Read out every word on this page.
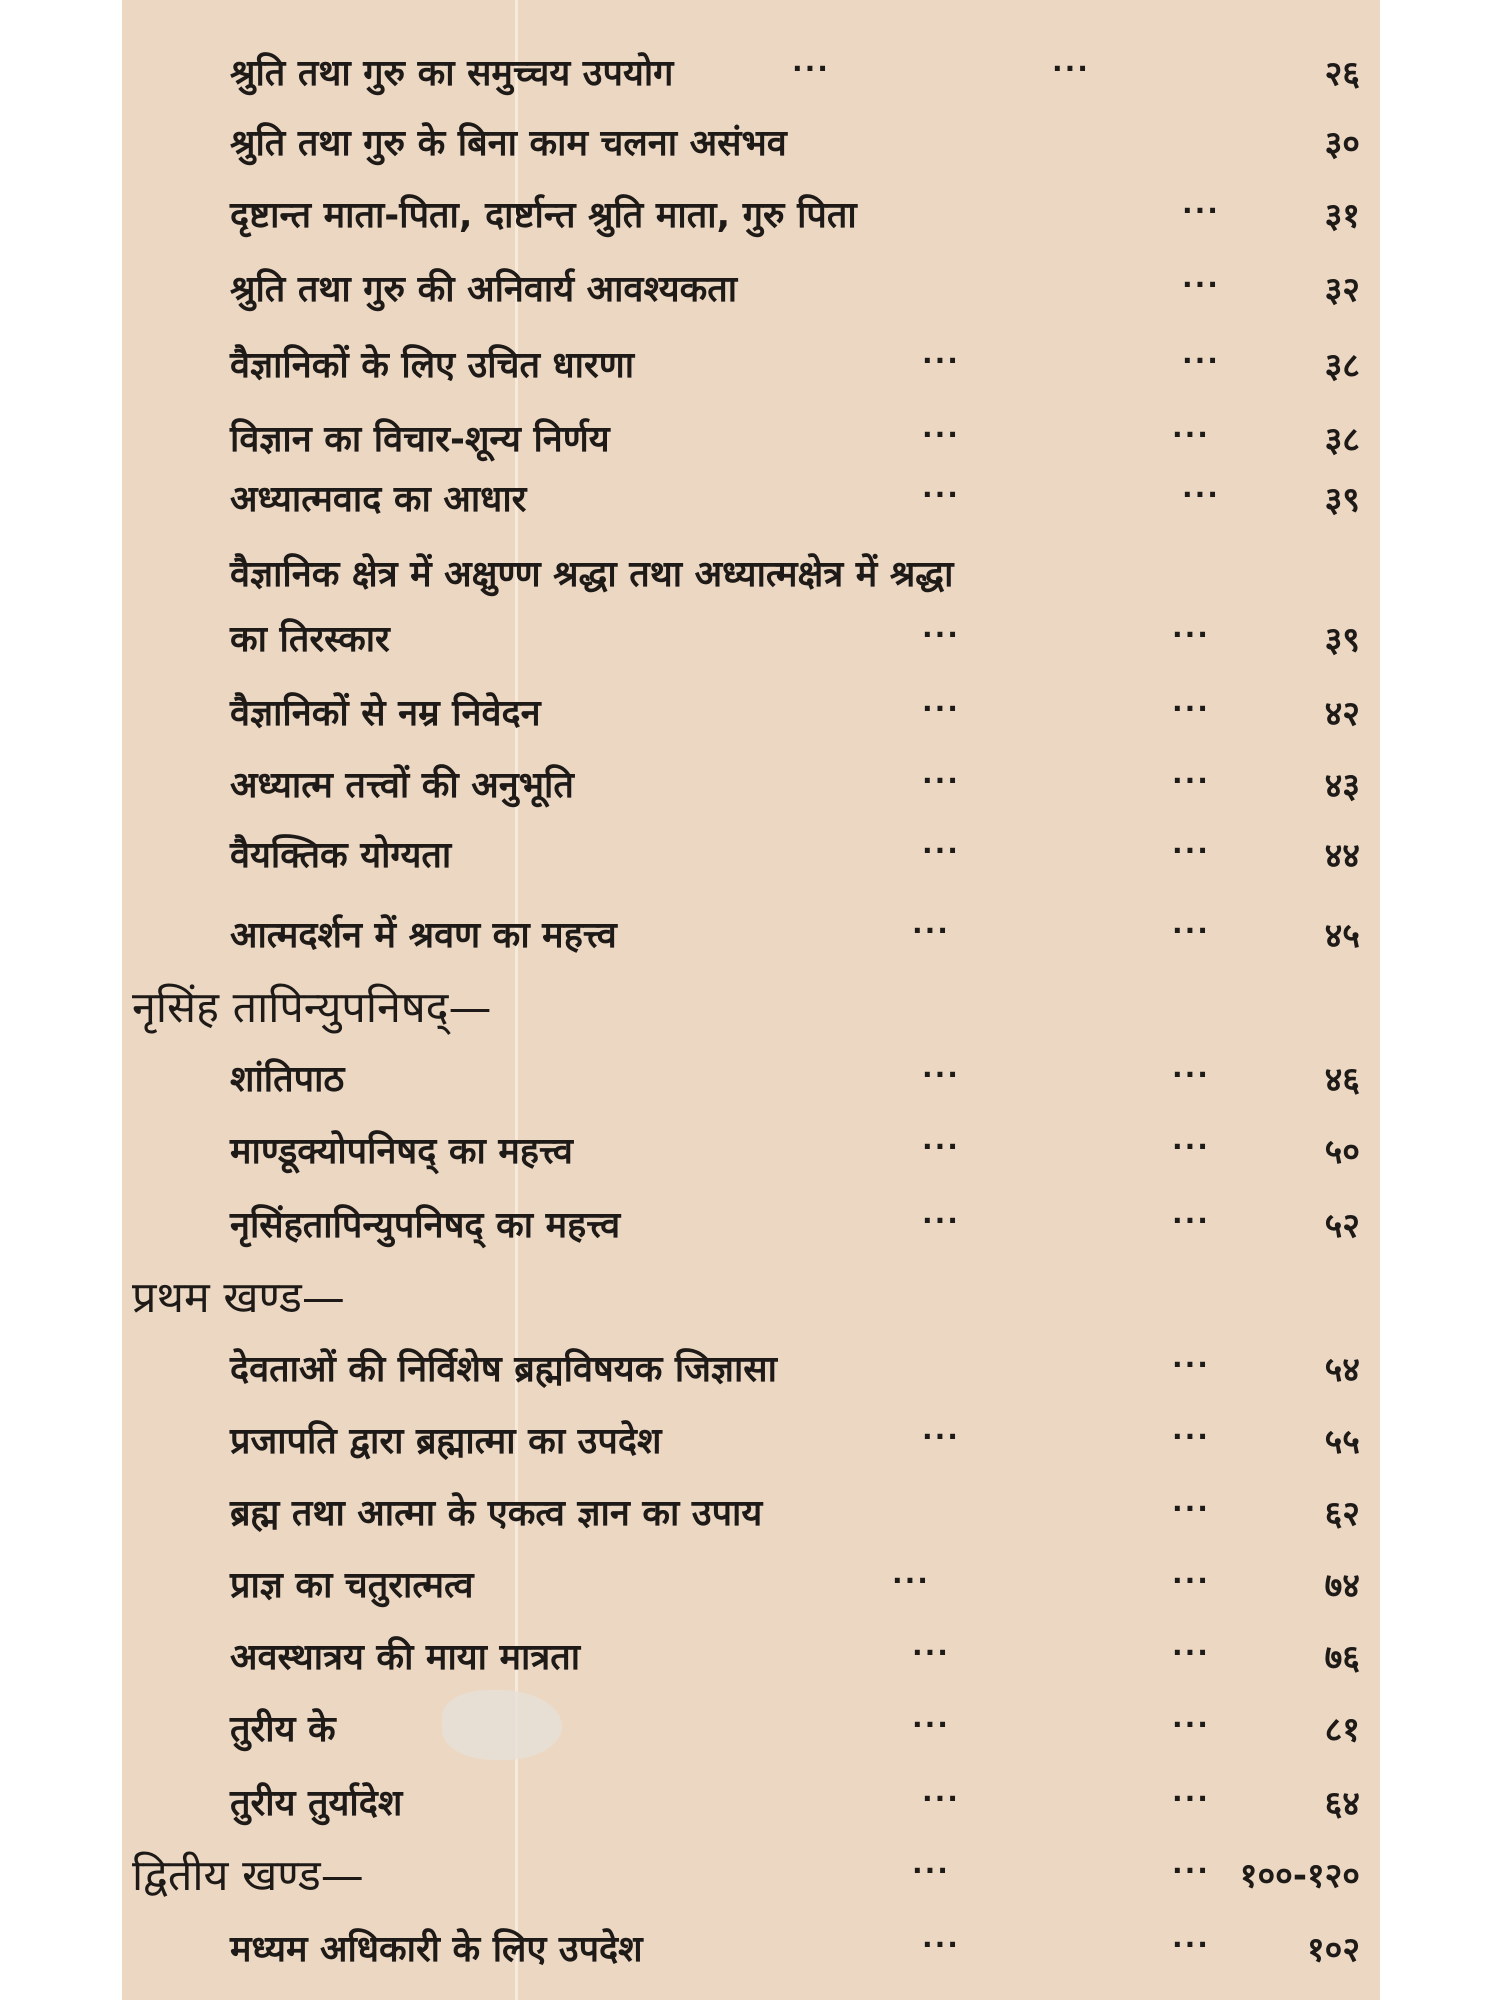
श्रुति तथा गुरु का समुच्चय उपयोग	···	···	२६
श्रुति तथा गुरु के बिना काम चलना असंभव	३०
दृष्टान्त माता-पिता, दार्ष्टान्त श्रुति माता, गुरु पिता	···	३१
श्रुति तथा गुरु की अनिवार्य आवश्यकता	···	३२
वैज्ञानिकों के लिए उचित धारणा	···	···	३८
विज्ञान का विचार-शून्य निर्णय	···	···	३८
अध्यात्मवाद का आधार	···	···	३९
वैज्ञानिक क्षेत्र में अक्षुण्ण श्रद्धा तथा अध्यात्मक्षेत्र में श्रद्धा
का तिरस्कार	···	···	३९
वैज्ञानिकों से नम्र निवेदन	···	···	४२
अध्यात्म तत्त्वों की अनुभूति	···	···	४३
वैयक्तिक योग्यता	···	···	४४
आत्मदर्शन में श्रवण का महत्त्व	···	···	४५
नृसिंह तापिन्युपनिषद्—
शांतिपाठ	···	···	४६
माण्डूक्योपनिषद् का महत्त्व	···	···	५०
नृसिंहतापिन्युपनिषद् का महत्त्व	···	···	५२
प्रथम खण्ड—
देवताओं की निर्विशेष ब्रह्मविषयक जिज्ञासा	···	५४
प्रजापति द्वारा ब्रह्मात्मा का उपदेश	···	···	५५
ब्रह्म तथा आत्मा के एकत्व ज्ञान का उपाय	···	६२
प्राज्ञ का चतुरात्मत्व	···	···	७४
अवस्थात्रय की माया मात्रता	···	···	७६
तुरीय के	···	···	८१
तुरीय तुर्यादेश	···	···	६४
द्वितीय खण्ड—	···	··· १००-१२०
मध्यम अधिकारी के लिए उपदेश	···	···	१०२
